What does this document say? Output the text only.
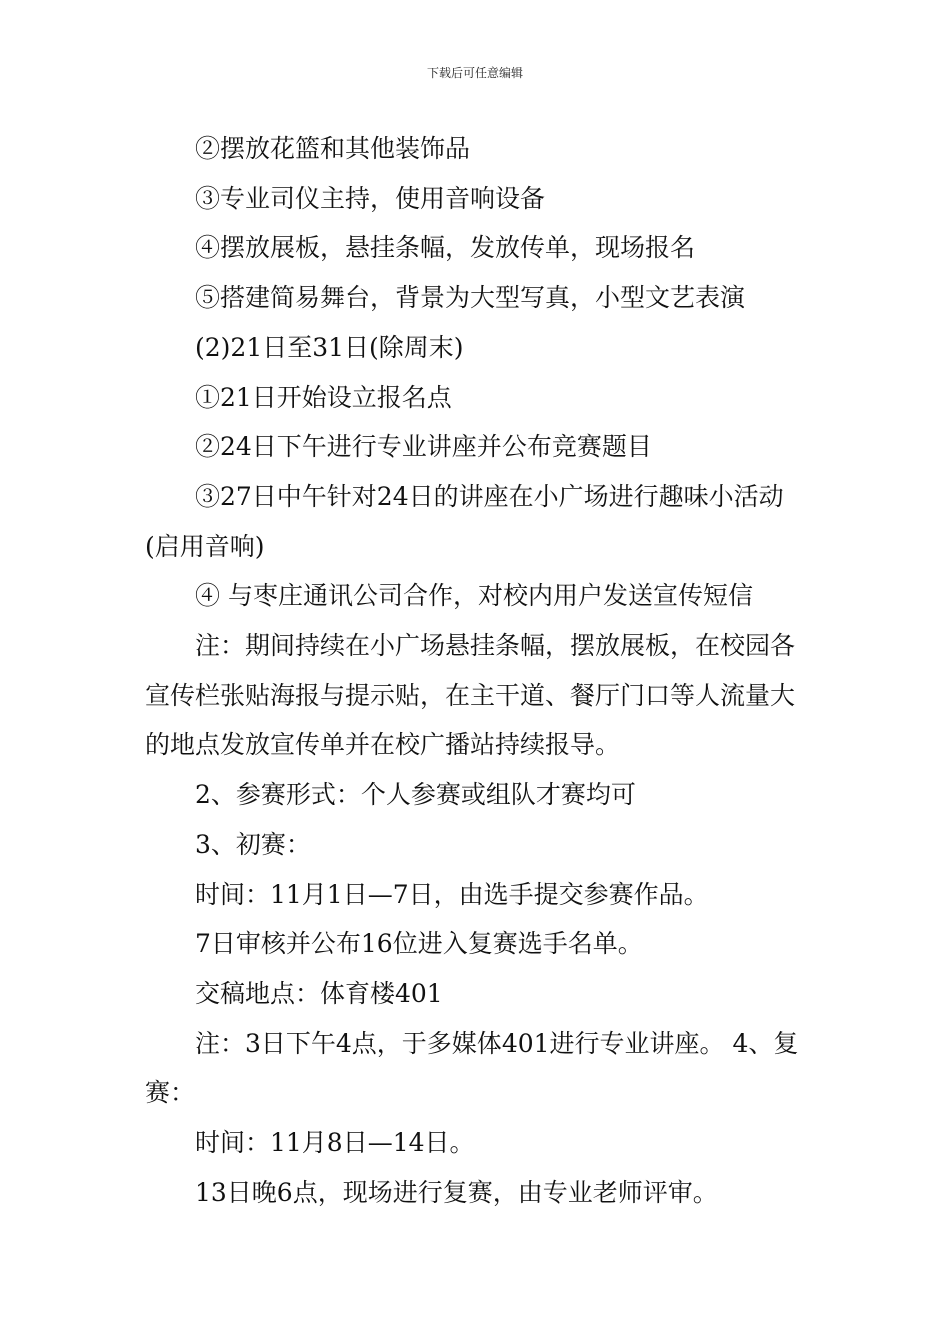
下载后可任意编辑

②摆放花篮和其他装饰品

③专业司仪主持，使用音响设备

④摆放展板，悬挂条幅，发放传单，现场报名

⑤搭建简易舞台，背景为大型写真，小型文艺表演

(2)21日至31日(除周末)

①21日开始设立报名点

②24日下午进行专业讲座并公布竞赛题目

③27日中午针对24日的讲座在小广场进行趣味小活动(启用音响)

④ 与枣庄通讯公司合作，对校内用户发送宣传短信

注：期间持续在小广场悬挂条幅，摆放展板，在校园各宣传栏张贴海报与提示贴，在主干道、餐厅门口等人流量大的地点发放宣传单并在校广播站持续报导。

2、参赛形式：个人参赛或组队才赛均可

3、初赛：

时间：11月1日—7日，由选手提交参赛作品。

7日审核并公布16位进入复赛选手名单。

交稿地点：体育楼401

注：3日下午4点，于多媒体401进行专业讲座。 4、复赛：

时间：11月8日—14日。

13日晚6点，现场进行复赛，由专业老师评审。
